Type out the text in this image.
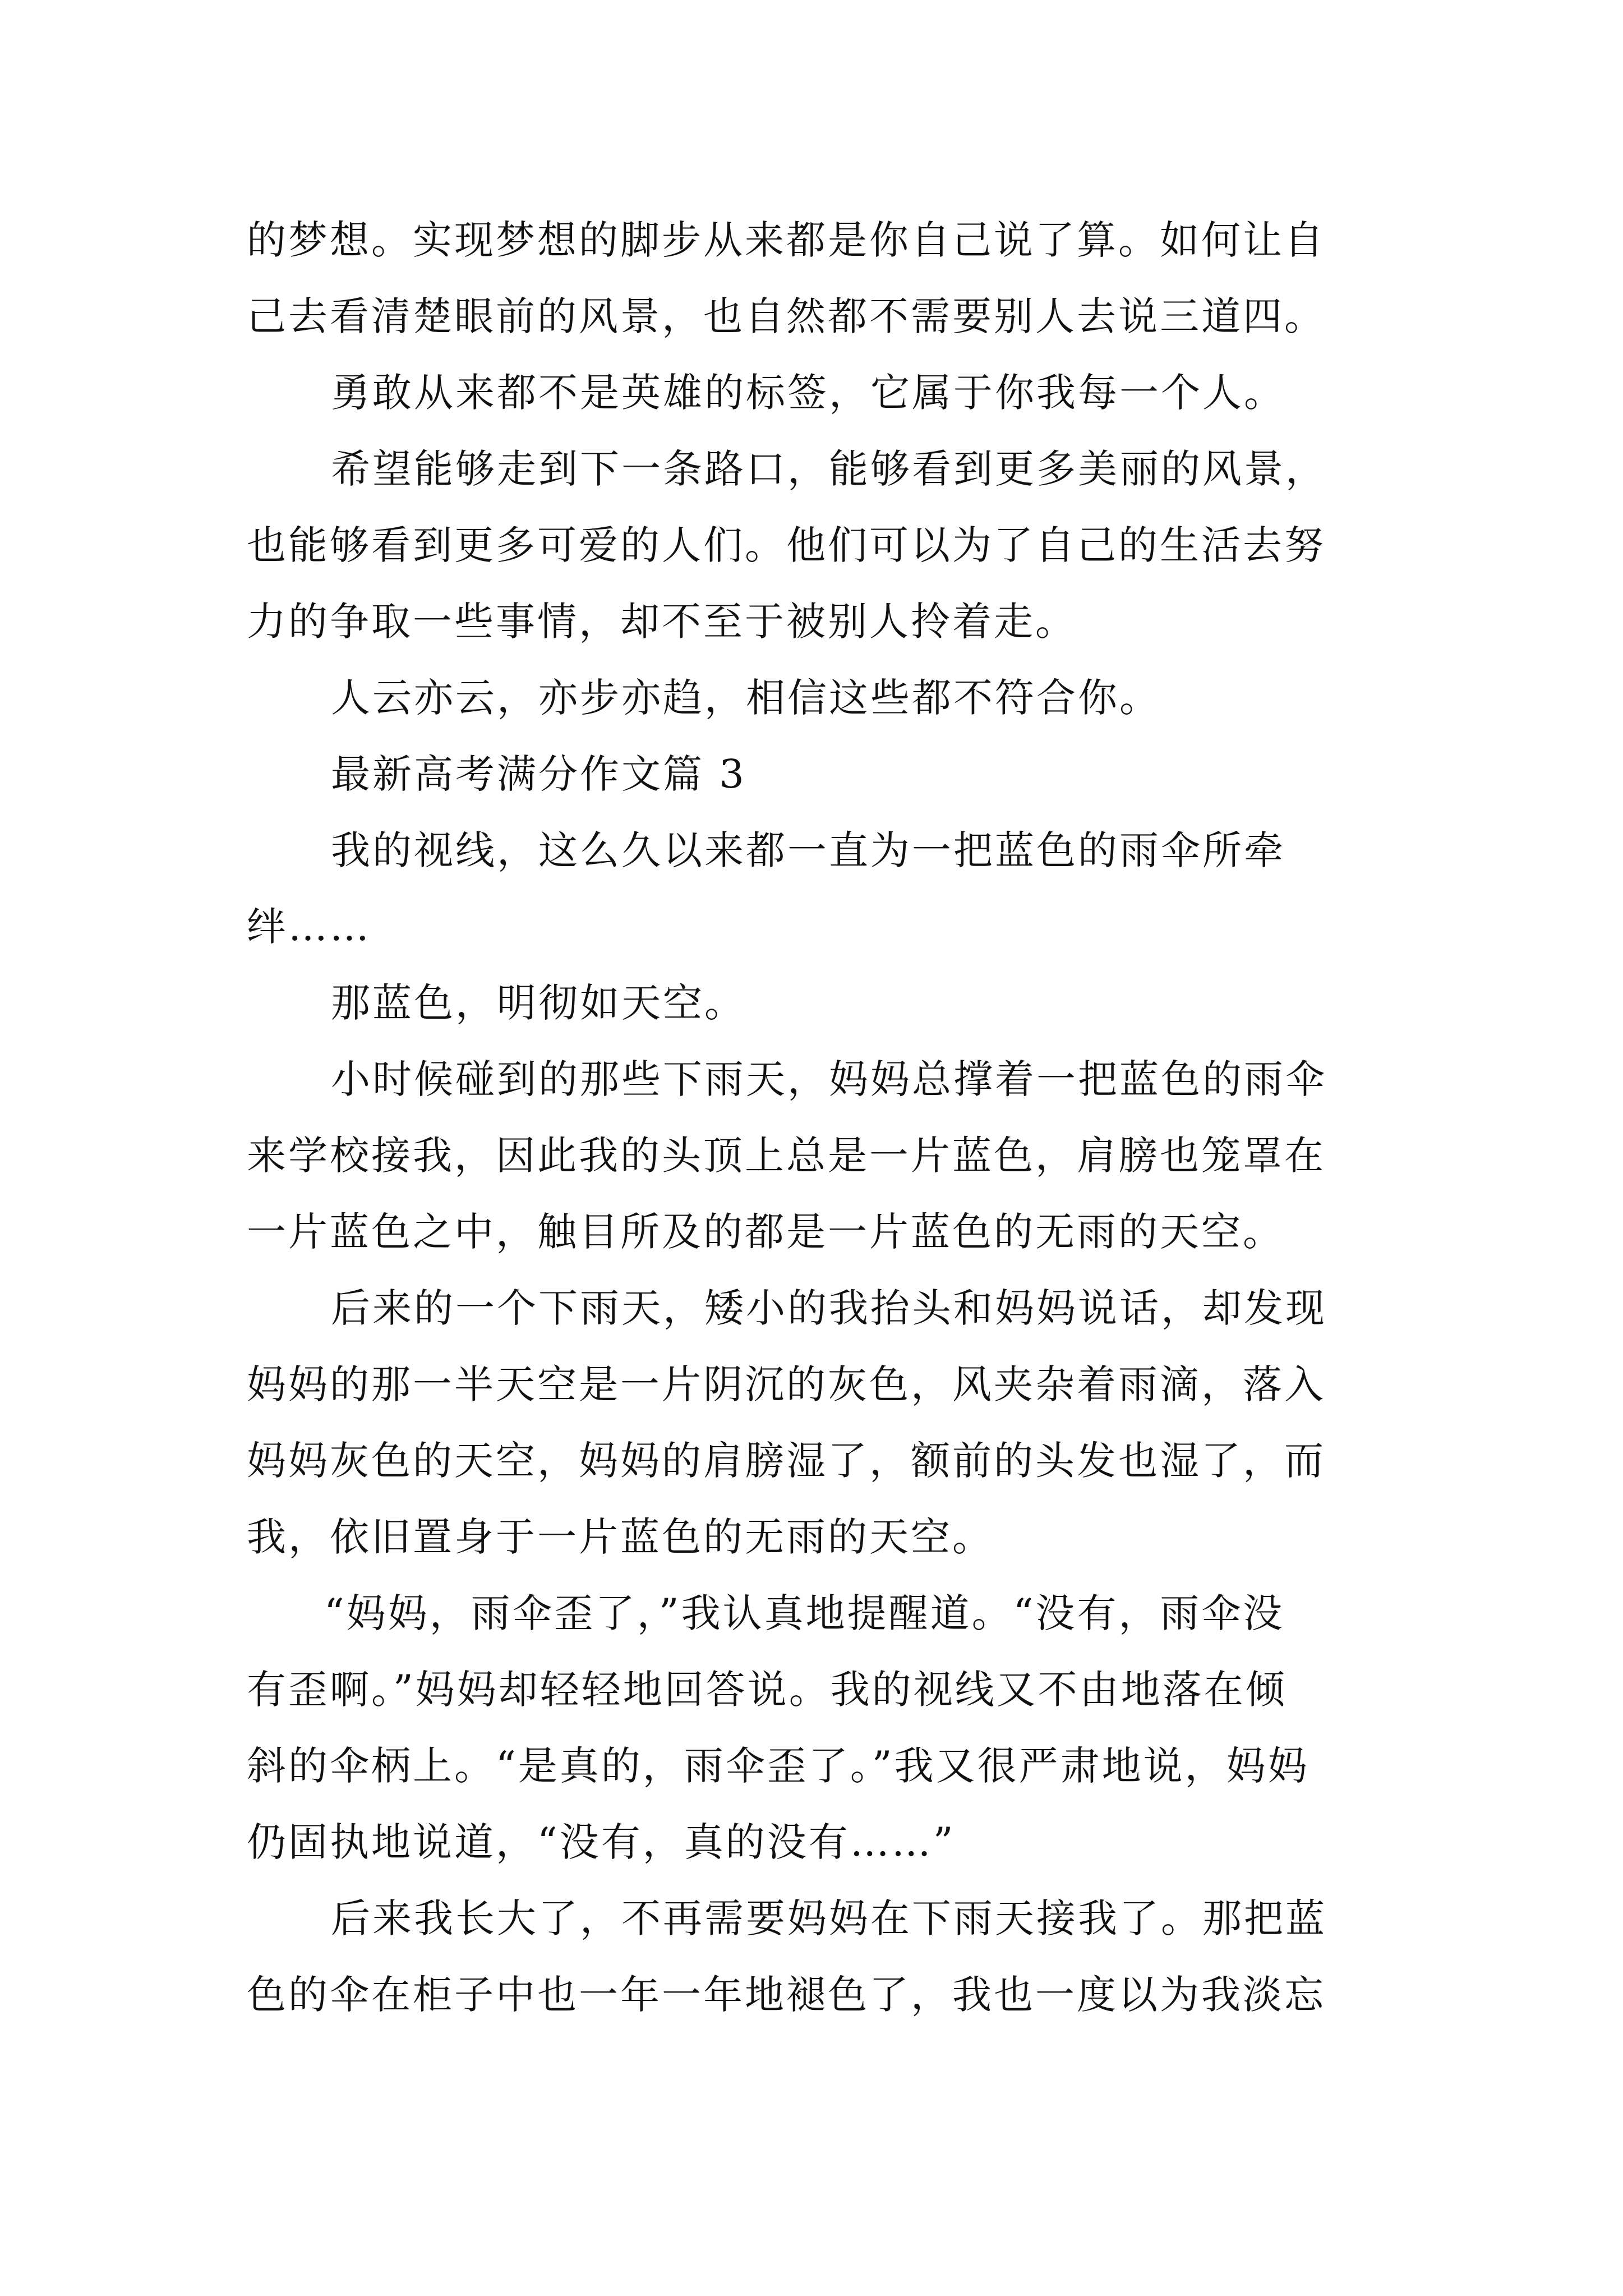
的梦想。实现梦想的脚步从来都是你自己说了算。如何让自
己去看清楚眼前的风景，也自然都不需要别人去说三道四。
勇敢从来都不是英雄的标签，它属于你我每一个人。
希望能够走到下一条路口，能够看到更多美丽的风景，
也能够看到更多可爱的人们。他们可以为了自己的生活去努
力的争取一些事情，却不至于被别人拎着走。
人云亦云，亦步亦趋，相信这些都不符合你。
最新高考满分作文篇 3
我的视线，这么久以来都一直为一把蓝色的雨伞所牵
绊……
那蓝色，明彻如天空。
小时候碰到的那些下雨天，妈妈总撑着一把蓝色的雨伞
来学校接我，因此我的头顶上总是一片蓝色，肩膀也笼罩在
一片蓝色之中，触目所及的都是一片蓝色的无雨的天空。
后来的一个下雨天，矮小的我抬头和妈妈说话，却发现
妈妈的那一半天空是一片阴沉的灰色，风夹杂着雨滴，落入
妈妈灰色的天空，妈妈的肩膀湿了，额前的头发也湿了，而
我，依旧置身于一片蓝色的无雨的天空。
“妈妈，雨伞歪了，”我认真地提醒道。“没有，雨伞没
有歪啊。”妈妈却轻轻地回答说。我的视线又不由地落在倾
斜的伞柄上。“是真的，雨伞歪了。”我又很严肃地说，妈妈
仍固执地说道，“没有，真的没有……”
后来我长大了，不再需要妈妈在下雨天接我了。那把蓝
色的伞在柜子中也一年一年地褪色了，我也一度以为我淡忘
